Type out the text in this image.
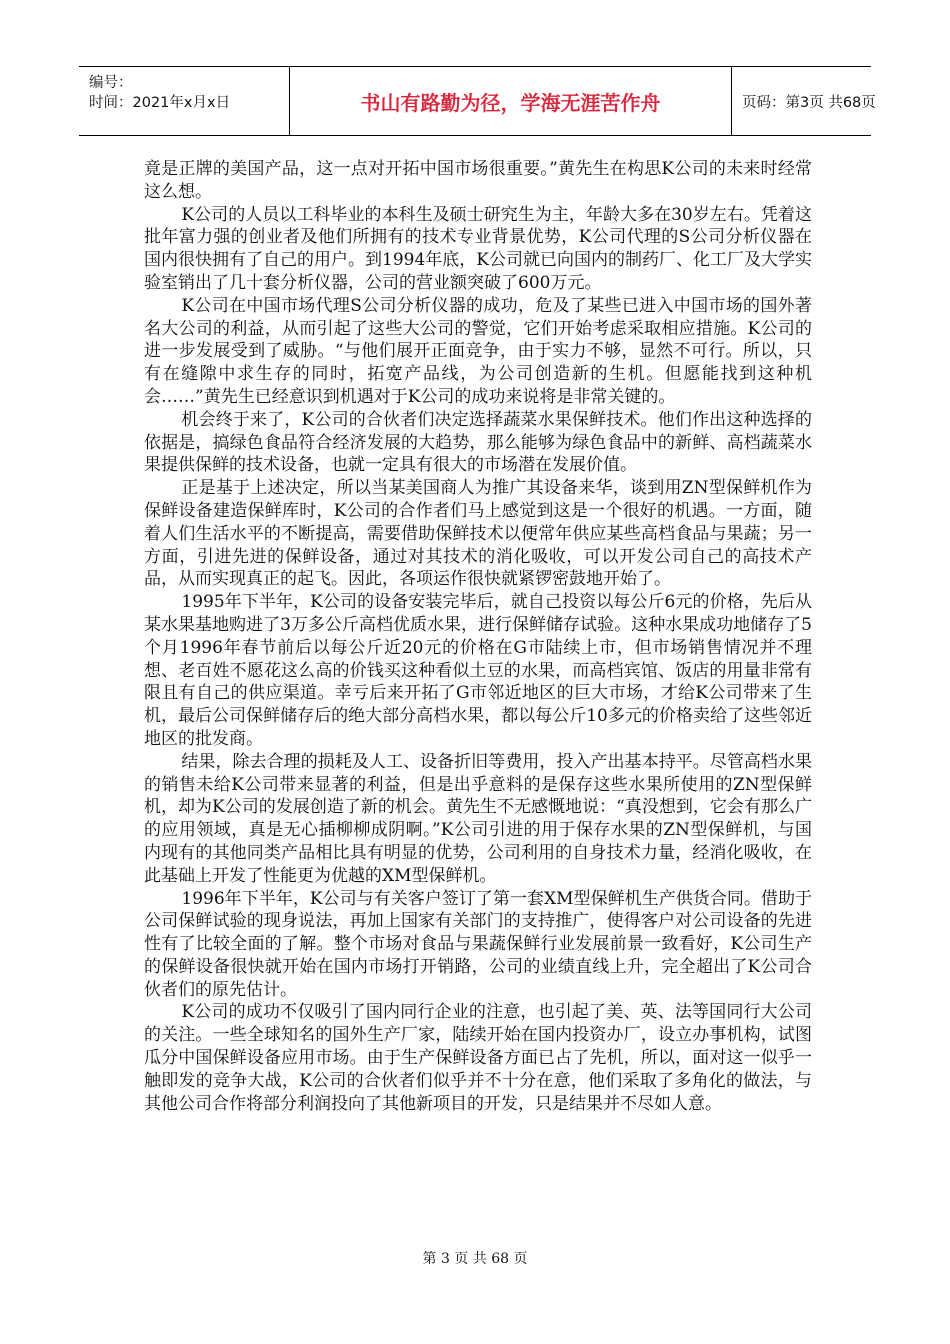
编号：
时间：2021年x月x日	书山有路勤为径，学海无涯苦作舟	页码：第3页 共68页

竟是正牌的美国产品，这一点对开拓中国市场很重要。”黄先生在构思K公司的未来时经常这么想。

K公司的人员以工科毕业的本科生及硕士研究生为主，年龄大多在30岁左右。凭着这批年富力强的创业者及他们所拥有的技术专业背景优势，K公司代理的S公司分析仪器在国内很快拥有了自己的用户。到1994年底，K公司就已向国内的制药厂、化工厂及大学实验室销出了几十套分析仪器，公司的营业额突破了600万元。

K公司在中国市场代理S公司分析仪器的成功，危及了某些已进入中国市场的国外著名大公司的利益，从而引起了这些大公司的警觉，它们开始考虑采取相应措施。K公司的进一步发展受到了威胁。“与他们展开正面竞争，由于实力不够，显然不可行。所以，只有在缝隙中求生存的同时，拓宽产品线，为公司创造新的生机。但愿能找到这种机会……”黄先生已经意识到机遇对于K公司的成功来说将是非常关键的。

机会终于来了，K公司的合伙者们决定选择蔬菜水果保鲜技术。他们作出这种选择的依据是，搞绿色食品符合经济发展的大趋势，那么能够为绿色食品中的新鲜、高档蔬菜水果提供保鲜的技术设备，也就一定具有很大的市场潜在发展价值。

正是基于上述决定，所以当某美国商人为推广其设备来华，谈到用ZN型保鲜机作为保鲜设备建造保鲜库时，K公司的合作者们马上感觉到这是一个很好的机遇。一方面，随着人们生活水平的不断提高，需要借助保鲜技术以便常年供应某些高档食品与果蔬；另一方面，引进先进的保鲜设备，通过对其技术的消化吸收，可以开发公司自己的高技术产品，从而实现真正的起飞。因此，各项运作很快就紧锣密鼓地开始了。

1995年下半年，K公司的设备安装完毕后，就自己投资以每公斤6元的价格，先后从某水果基地购进了3万多公斤高档优质水果，进行保鲜储存试验。这种水果成功地储存了5个月1996年春节前后以每公斤近20元的价格在G市陆续上市，但市场销售情况并不理想、老百姓不愿花这么高的价钱买这种看似土豆的水果，而高档宾馆、饭店的用量非常有限且有自己的供应渠道。幸亏后来开拓了G市邻近地区的巨大市场，才给K公司带来了生机，最后公司保鲜储存后的绝大部分高档水果，都以每公斤10多元的价格卖给了这些邻近地区的批发商。

结果，除去合理的损耗及人工、设备折旧等费用，投入产出基本持平。尽管高档水果的销售未给K公司带来显著的利益，但是出乎意料的是保存这些水果所使用的ZN型保鲜机，却为K公司的发展创造了新的机会。黄先生不无感慨地说：“真没想到，它会有那么广的应用领域，真是无心插柳柳成阴啊。”K公司引进的用于保存水果的ZN型保鲜机，与国内现有的其他同类产品相比具有明显的优势，公司利用的自身技术力量，经消化吸收，在此基础上开发了性能更为优越的XM型保鲜机。

1996年下半年，K公司与有关客户签订了第一套XM型保鲜机生产供货合同。借助于公司保鲜试验的现身说法，再加上国家有关部门的支持推广，使得客户对公司设备的先进性有了比较全面的了解。整个市场对食品与果蔬保鲜行业发展前景一致看好，K公司生产的保鲜设备很快就开始在国内市场打开销路，公司的业绩直线上升，完全超出了K公司合伙者们的原先估计。

K公司的成功不仅吸引了国内同行企业的注意，也引起了美、英、法等国同行大公司的关注。一些全球知名的国外生产厂家，陆续开始在国内投资办厂，设立办事机构，试图瓜分中国保鲜设备应用市场。由于生产保鲜设备方面已占了先机，所以，面对这一似乎一触即发的竞争大战，K公司的合伙者们似乎并不十分在意，他们采取了多角化的做法，与其他公司合作将部分利润投向了其他新项目的开发，只是结果并不尽如人意。

第 3 页 共 68 页
